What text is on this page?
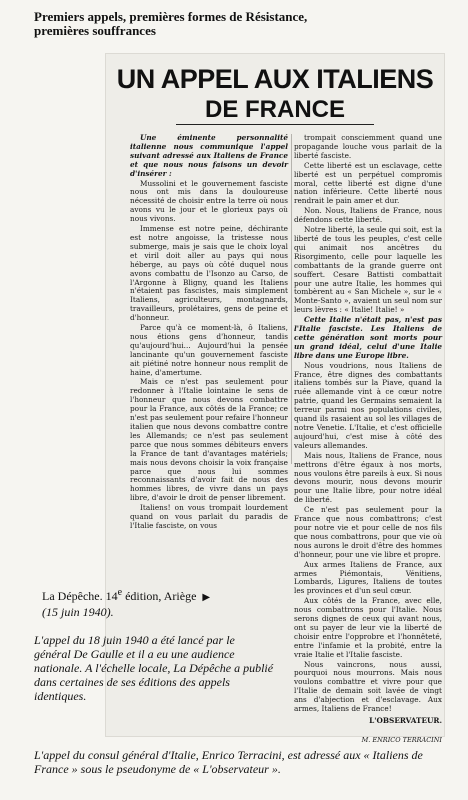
Premiers appels, premières formes de Résistance,
premières souffrances
UN APPEL AUX ITALIENS
DE FRANCE

Une éminente personnalité italienne nous communique l'appel suivant adressé aux Italiens de France et que nous nous faisons un devoir d'insérer :

Mussolini et le gouvernement fasciste nous ont mis dans la douloureuse nécessité de choisir entre la terre où nous avons vu le jour et le glorieux pays où nous vivons.

Immense est notre peine, déchirante est notre angoisse, la tristesse nous submerge, mais je sais que le choix loyal et viril doit aller au pays qui nous héberge, au pays où côté duquel nous avons combattu de l'Isonzo au Carso, de l'Argonne à Bligny, quand les Italiens n'étaient pas fascistes, mais simplement Italiens, agriculteurs, montagnards, travailleurs, prolétaires, gens de peine et d'honneur.

Parce qu'à ce moment-là, ô Italiens, nous étions gens d'honneur, tandis qu'aujourd'hui... Aujourd'hui la pensée lancinante qu'un gouvernement fasciste ait piétiné notre honneur nous remplit de haine, d'amertume.

Mais ce n'est pas seulement pour redonner à l'Italie lointaine le sens de l'honneur que nous devons combattre pour la France, aux côtés de la France; ce n'est pas seulement pour refaire l'honneur italien que nous devons combattre contre les Allemands; ce n'est pas seulement parce que nous sommes débiteurs envers la France de tant d'avantages matériels; mais nous devons choisir la voix française parce que nous lui sommes reconnaissants d'avoir fait de nous des hommes libres, de vivre dans un pays libre, d'avoir le droit de penser librement.

Italiens! on vous trompait lourdement quand on vous parlait du paradis de l'Italie fasciste, on vous

trompait consciemment quand une propagande louche vous parlait de la liberté fasciste.

Cette liberté est un esclavage, cette liberté est un perpétuel compromis moral, cette liberté est digne d'une nation inférieure. Cette liberté nous rendrait le pain amer et dur.

Non. Nous, Italiens de France, nous défendons cette liberté.

Notre liberté, la seule qui soit, est la liberté de tous les peuples, c'est celle qui animait nos ancêtres du Risorgimento, celle pour laquelle les combattants de la grande guerre ont souffert. Cesare Battisti combattait pour une autre Italie, les hommes qui tombèrent au « San Michele », sur le « Monte-Santo », avaient un seul nom sur leurs lèvres : « Italie! Italie! »

Cette Italie n'était pas, n'est pas l'Italie fasciste. Les Italiens de cette génération sont morts pour un grand idéal, celui d'une Italie libre dans une Europe libre.

Nous voudrions, nous Italiens de France, être dignes des combattants italiens tombés sur la Piave, quand la ruée allemande vint à ce cœur notre patrie, quand les Germains semaient la terreur parmi nos populations civiles, quand ils rasaient au sol les villages de notre Venetie. L'Italie, et c'est officielle aujourd'hui, c'est mise à côté des valeurs allemandes.

Mais nous, Italiens de France, nous mettrons d'être égaux à nos morts, nous voulons être pareils à eux. Si nous devons mourir, nous devons mourir pour une Italie libre, pour notre idéal de liberté.

Ce n'est pas seulement pour la France que nous combattrons; c'est pour notre vie et pour celle de nos fils que nous combattrons, pour que vie où nous aurons le droit d'être des hommes d'honneur, pour une vie libre et propre.

Aux armes Italiens de France, aux armes Piémontais, Vénitiens, Lombards, Ligures, Italiens de toutes les provinces et d'un seul cœur.

Aux côtés de la France, avec elle, nous combattrons pour l'Italie. Nous serons dignes de ceux qui avant nous, ont su payer de leur vie la liberté de choisir entre l'opprobre et l'honnêteté, entre l'infamie et la probité, entre la vraie Italie et l'Italie fasciste.

Nous vaincrons, nous aussi, pourquoi nous mourrons. Mais nous voulons combattre et vivre pour que l'Italie de demain soit lavée de vingt ans d'abjection et d'esclavage. Aux armes, Italiens de France!

L'OBSERVATEUR.
M. ENRICO TERRACINI
La Dépêche. 14e édition, Ariège ▶
(15 juin 1940).
L'appel du 18 juin 1940 a été lancé par le général De Gaulle et il a eu une audience nationale. A l'échelle locale, La Dépêche a publié dans certaines de ses éditions des appels identiques.
L'appel du consul général d'Italie, Enrico Terracini, est adressé aux « Italiens de France » sous le pseudonyme de « L'observateur ».
